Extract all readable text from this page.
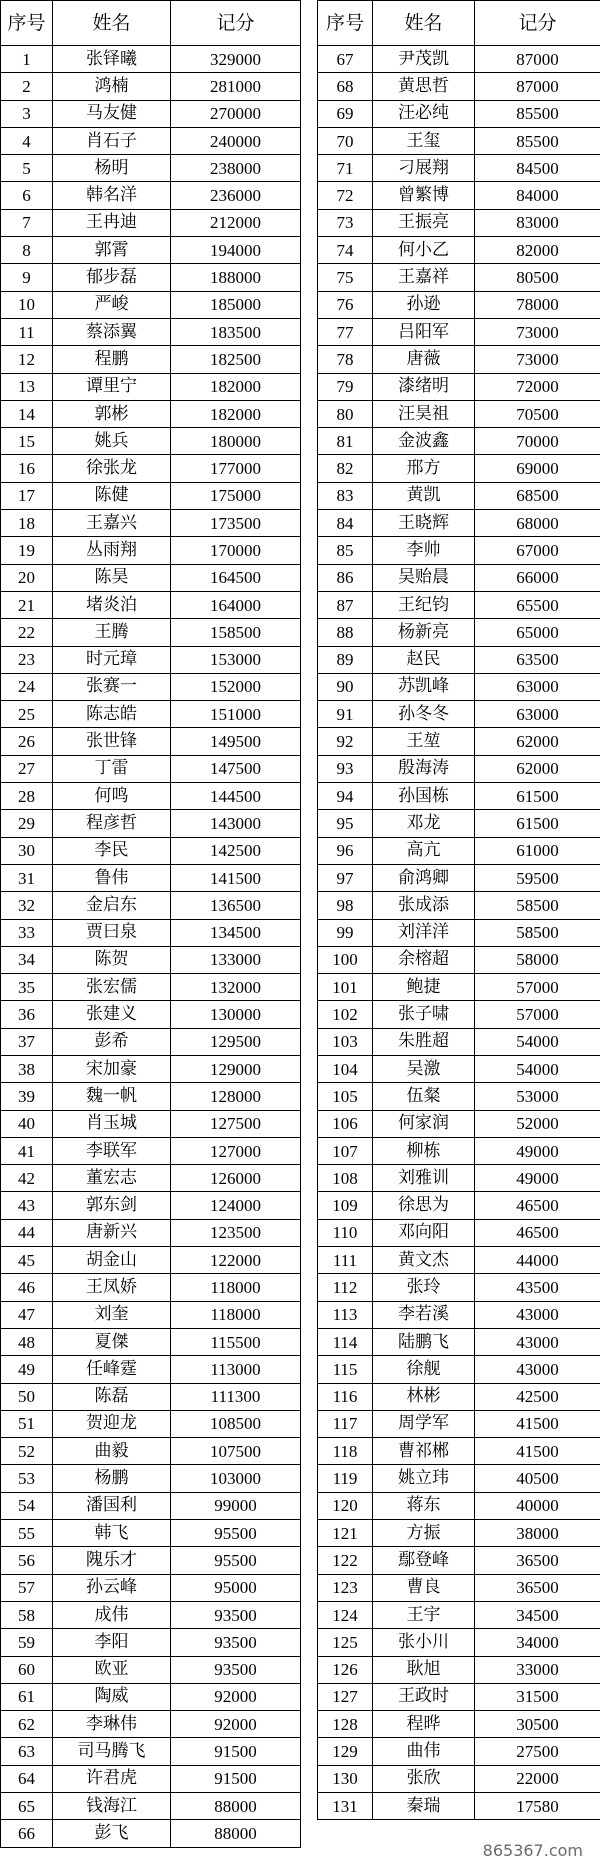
序号	姓名	记分
1	张铎曦	329000
2	鸿楠	281000
3	马友健	270000
4	肖石子	240000
5	杨明	238000
6	韩名洋	236000
7	王冉迪	212000
8	郭霄	194000
9	郁步磊	188000
10	严峻	185000
11	蔡添翼	183500
12	程鹏	182500
13	谭里宁	182000
14	郭彬	182000
15	姚兵	180000
16	徐张龙	177000
17	陈健	175000
18	王嘉兴	173500
19	丛雨翔	170000
20	陈昊	164500
21	堵炎泊	164000
22	王腾	158500
23	时元璋	153000
24	张赛一	152000
25	陈志皓	151000
26	张世锋	149500
27	丁雷	147500
28	何鸣	144500
29	程彦哲	143000
30	李民	142500
31	鲁伟	141500
32	金启东	136500
33	贾曰泉	134500
34	陈贺	133000
35	张宏儒	132000
36	张建义	130000
37	彭希	129500
38	宋加豪	129000
39	魏一帆	128000
40	肖玉城	127500
41	李联军	127000
42	董宏志	126000
43	郭东剑	124000
44	唐新兴	123500
45	胡金山	122000
46	王凤娇	118000
47	刘奎	118000
48	夏傑	115500
49	任峰霆	113000
50	陈磊	111300
51	贺迎龙	108500
52	曲毅	107500
53	杨鹏	103000
54	潘国利	99000
55	韩飞	95500
56	隗乐才	95500
57	孙云峰	95000
58	成伟	93500
59	李阳	93500
60	欧亚	93500
61	陶威	92000
62	李琳伟	92000
63	司马腾飞	91500
64	许君虎	91500
65	钱海江	88000
66	彭飞	88000
序号	姓名	记分
67	尹茂凯	87000
68	黄思哲	87000
69	汪必纯	85500
70	王玺	85500
71	刁展翔	84500
72	曾繁博	84000
73	王振亮	83000
74	何小乙	82000
75	王嘉祥	80500
76	孙逊	78000
77	吕阳军	73000
78	唐薇	73000
79	漆绪明	72000
80	汪昊祖	70500
81	金波鑫	70000
82	邢方	69000
83	黄凯	68500
84	王晓辉	68000
85	李帅	67000
86	吴贻晨	66000
87	王纪钧	65500
88	杨新亮	65000
89	赵民	63500
90	苏凯峰	63000
91	孙冬冬	63000
92	王堃	62000
93	殷海涛	62000
94	孙国栋	61500
95	邓龙	61500
96	高亢	61000
97	俞鸿卿	59500
98	张成添	58500
99	刘洋洋	58500
100	余榕超	58000
101	鲍捷	57000
102	张子啸	57000
103	朱胜超	54000
104	吴激	54000
105	伍粲	53000
106	何家润	52000
107	柳栋	49000
108	刘雅训	49000
109	徐思为	46500
110	邓向阳	46500
111	黄文杰	44000
112	张玲	43500
113	李若溪	43000
114	陆鹏飞	43000
115	徐舰	43000
116	林彬	42500
117	周学军	41500
118	曹祁郴	41500
119	姚立玮	40500
120	蒋东	40000
121	方振	38000
122	鄢登峰	36500
123	曹良	36500
124	王宇	34500
125	张小川	34000
126	耿旭	33000
127	王政时	31500
128	程晔	30500
129	曲伟	27500
130	张欣	22000
131	秦瑞	17580
865367.com
